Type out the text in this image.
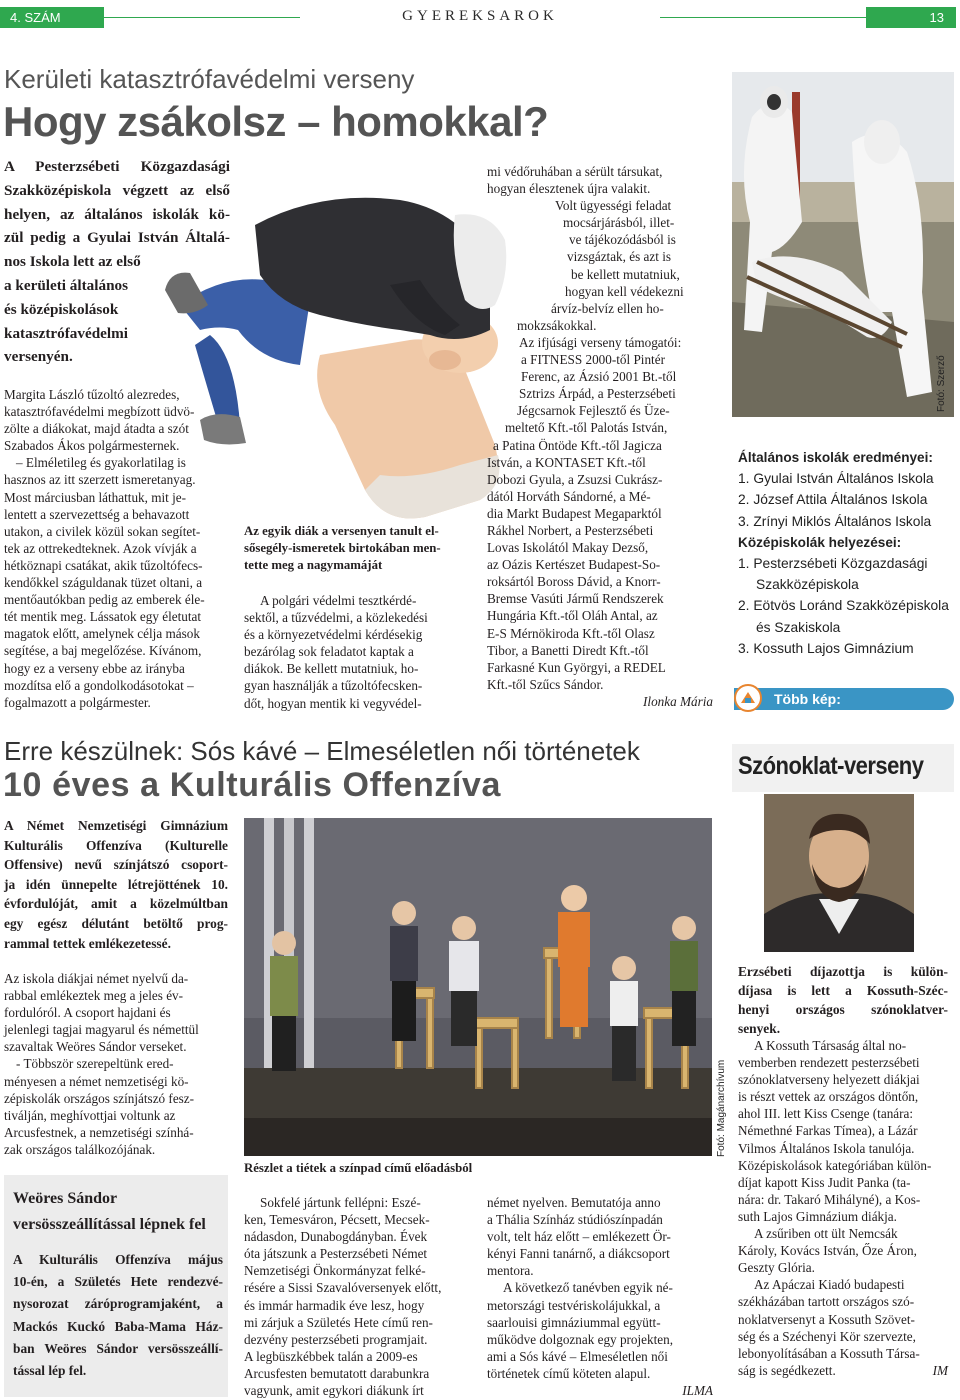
4. SZÁM	GYEREKSAROK	13
Kerületi katasztrófavédelmi verseny
Hogy zsákolsz – homokkal?
A Pesterzsébeti Közgazdasági
Szakközépiskola végzett az első
helyen, az általános iskolák kö-
zül pedig a Gyulai István Általá-
nos Iskola lett az első
a kerületi általános
és középiskolások
katasztrófavédelmi
versenyén.
Margita László tűzoltó alezredes,
katasztrófavédelmi megbízott üdvö-
zölte a diákokat, majd átadta a szót
Szabados Ákos polgármesternek.
– Elméletileg és gyakorlatilag is
hasznos az itt szerzett ismeretanyag.
Most márciusban láthattuk, mit je-
lentett a szervezettség a behavazott
utakon, a civilek közül sokan segítet-
tek az ottrekedteknek. Azok vívják a
hétköznapi csatákat, akik tűzoltófecs-
kendőkkel száguldanak tüzet oltani, a
mentőautókban pedig az emberek éle-
tét mentik meg. Lássatok egy életutat
magatok előtt, amelynek célja mások
segítése, a baj megelőzése. Kívánom,
hogy ez a verseny ebbe az irányba
mozdítsa elő a gondolkodásotokat –
fogalmazott a polgármester.
Az egyik diák a versenyen tanult el-
sősegély-ismeretek birtokában men-
tette meg a nagymamáját
A polgári védelmi tesztkérdé-
sektől, a tűzvédelmi, a közlekedési
és a környezetvédelmi kérdésekig
bezárólag sok feladatot kaptak a
diákok. Be kellett mutatniuk, ho-
gyan használják a tűzoltófecsken-
dőt, hogyan mentik ki vegyvédel-
mi védőruhában a sérült társukat,
hogyan élesztenek újra valakit.
Volt ügyességi feladat
mocsárjárásból, illet-
ve tájékozódásból is
vizsgáztak, és azt is
be kellett mutatniuk,
hogyan kell védekezni
árvíz-belvíz ellen ho-
mokzsákokkal.
Az ifjúsági verseny támogatói:
a FITNESS 2000-től Pintér
Ferenc, az Ázsió 2001 Bt.-től
Sztrizs Árpád, a Pesterzsébeti
Jégcsarnok Fejlesztő és Üze-
meltető Kft.-től Palotás István,
a Patina Öntöde Kft.-től Jagicza
István, a KONTASET Kft.-től
Dobozi Gyula, a Zsuzsi Cukrász-
dától Horváth Sándorné, a Mé-
dia Markt Budapest Megaparktól
Rákhel Norbert, a Pesterzsébeti
Lovas Iskolától Makay Dezső,
az Oázis Kertészet Budapest-So-
roksártól Boross Dávid, a Knorr-
Bremse Vasúti Jármű Rendszerek
Hungária Kft.-től Oláh Antal, az
E-S Mérnökiroda Kft.-től Olasz
Tibor, a Banetti Diredt Kft.-től
Farkasné Kun Györgyi, a REDEL
Kft.-től Szűcs Sándor.
Ilonka Mária
Fotó: Szerző
Általános iskolák eredményei:
1. Gyulai István Általános Iskola
2. József Attila Általános Iskola
3. Zrínyi Miklós Általános Iskola
Középiskolák helyezései:
1. Pesterzsébeti Közgazdasági
Szakközépiskola
2. Eötvös Loránd Szakközépiskola
és Szakiskola
3. Kossuth Lajos Gimnázium
Több kép: www.pesterzsebet.hu
Erre készülnek: Sós kávé – Elmeséletlen női történetek
10 éves a Kulturális Offenzíva
A Német Nemzetiségi Gimnázium
Kulturális Offenzíva (Kulturelle
Offensive) nevű színjátszó csoport-
ja idén ünnepelte létrejöttének 10.
évfordulóját, amit a közelmúltban
egy egész délutánt betöltő prog-
rammal tettek emlékezetessé.
Az iskola diákjai német nyelvű da-
rabbal emlékeztek meg a jeles év-
fordulóról. A csoport hajdani és
jelenlegi tagjai magyarul és némettül
szavaltak Weöres Sándor verseket.
- Többször szerepeltünk ered-
ményesen a német nemzetiségi kö-
zépiskolák országos színjátszó fesz-
tiválján, meghívottjai voltunk az
Arcusfestnek, a nemzetiségi színhá-
zak országos találkozójának.
Weöres Sándor
versösszeállítással lépnek fel
A Kulturális Offenzíva május
10-én, a Születés Hete rendezvé-
nysorozat záróprogramjaként, a
Mackós Kuckó Baba-Mama Ház-
ban Weöres Sándor versösszeállí-
tással lép fel.
Fotó: Magánarchívum
Részlet a tiétek a színpad című előadásból
Sokfelé jártunk fellépni: Eszé-
ken, Temesváron, Pécsett, Mecsek-
nádasdon, Dunabogdányban. Évek
óta játszunk a Pesterzsébeti Német
Nemzetiségi Önkormányzat felké-
résére a Sissi Szavalóversenyek előtt,
és immár harmadik éve lesz, hogy
mi zárjuk a Születés Hete című ren-
dezvény pesterzsébeti programjait.
A legbüszkébbek talán a 2009-es
Arcusfesten bemutatott darabunkra
vagyunk, amit egykori diákunk írt
német nyelven. Bemutatója anno
a Thália Színház stúdiószínpadán
volt, telt ház előtt – emlékezett Ör-
kényi Fanni tanárnő, a diákcsoport
mentora.
A következő tanévben egyik né-
metországi testvériskolájukkal, a
saarlouisi gimnáziummal együtt-
működve dolgoznak egy projekten,
ami a Sós kávé – Elmeséletlen női
történetek című köteten alapul.
ILMA
Szónoklat-verseny
Erzsébeti díjazottja is külön-
díjasa is lett a Kossuth-Széc-
henyi országos szónoklatver-
senyek.
A Kossuth Társaság által no-
vemberben rendezett pesterzsébeti
szónoklatverseny helyezett diákjai
is részt vettek az országos döntőn,
ahol III. lett Kiss Csenge (tanára:
Némethné Farkas Tímea), a Lázár
Vilmos Általános Iskola tanulója.
Középiskolások kategóriában külön-
díjat kapott Kiss Judit Panka (ta-
nára: dr. Takaró Mihályné), a Kos-
suth Lajos Gimnázium diákja.
A zsűriben ott ült Nemcsák
Károly, Kovács István, Őze Áron,
Geszty Glória.
Az Apáczai Kiadó budapesti
székházában tartott országos szó-
noklatversenyt a Kossuth Szövet-
ség és a Széchenyi Kör szervezte,
lebonyolításában a Kossuth Társa-
ság is segédkezett.	IM
